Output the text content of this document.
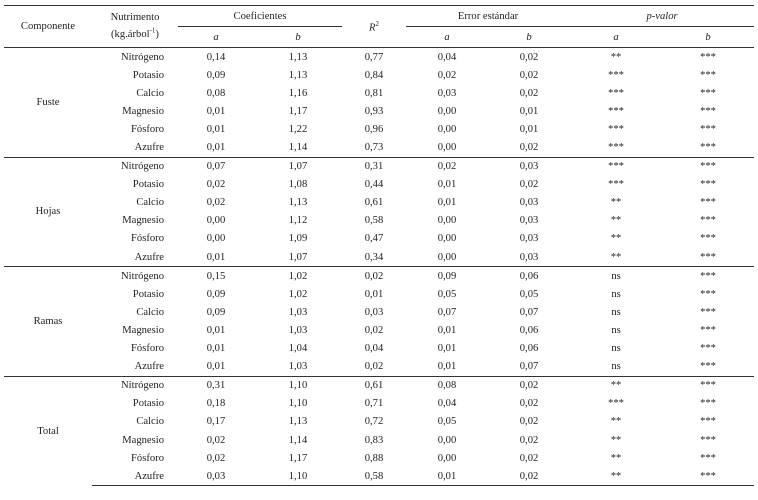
Componente	Nutrimento
(kg.árbol$^{-1}$)	Coeficientes		$R^2$	Error estándar		p-valor	
		a	b		a	b	a	b
Fuste	Nitrógeno	0,14	1,13	0,77	0,04	0,02	**	***
	Potasio	0,09	1,13	0,84	0,02	0,02	***	***
	Calcio	0,08	1,16	0,81	0,03	0,02	***	***
	Magnesio	0,01	1,17	0,93	0,00	0,01	***	***
	Fósforo	0,01	1,22	0,96	0,00	0,01	***	***
	Azufre	0,01	1,14	0,73	0,00	0,02	***	***
Hojas	Nitrógeno	0,07	1,07	0,31	0,02	0,03	***	***
	Potasio	0,02	1,08	0,44	0,01	0,02	***	***
	Calcio	0,02	1,13	0,61	0,01	0,03	**	***
	Magnesio	0,00	1,12	0,58	0,00	0,03	**	***
	Fósforo	0,00	1,09	0,47	0,00	0,03	**	***
	Azufre	0,01	1,07	0,34	0,00	0,03	**	***
Ramas	Nitrógeno	0,15	1,02	0,02	0,09	0,06	ns	***
	Potasio	0,09	1,02	0,01	0,05	0,05	ns	***
	Calcio	0,09	1,03	0,03	0,07	0,07	ns	***
	Magnesio	0,01	1,03	0,02	0,01	0,06	ns	***
	Fósforo	0,01	1,04	0,04	0,01	0,06	ns	***
	Azufre	0,01	1,03	0,02	0,01	0,07	ns	***
Total	Nitrógeno	0,31	1,10	0,61	0,08	0,02	**	***
	Potasio	0,18	1,10	0,71	0,04	0,02	***	***
	Calcio	0,17	1,13	0,72	0,05	0,02	**	***
	Magnesio	0,02	1,14	0,83	0,00	0,02	**	***
	Fósforo	0,02	1,17	0,88	0,00	0,02	**	***
	Azufre	0,03	1,10	0,58	0,01	0,02	**	***
